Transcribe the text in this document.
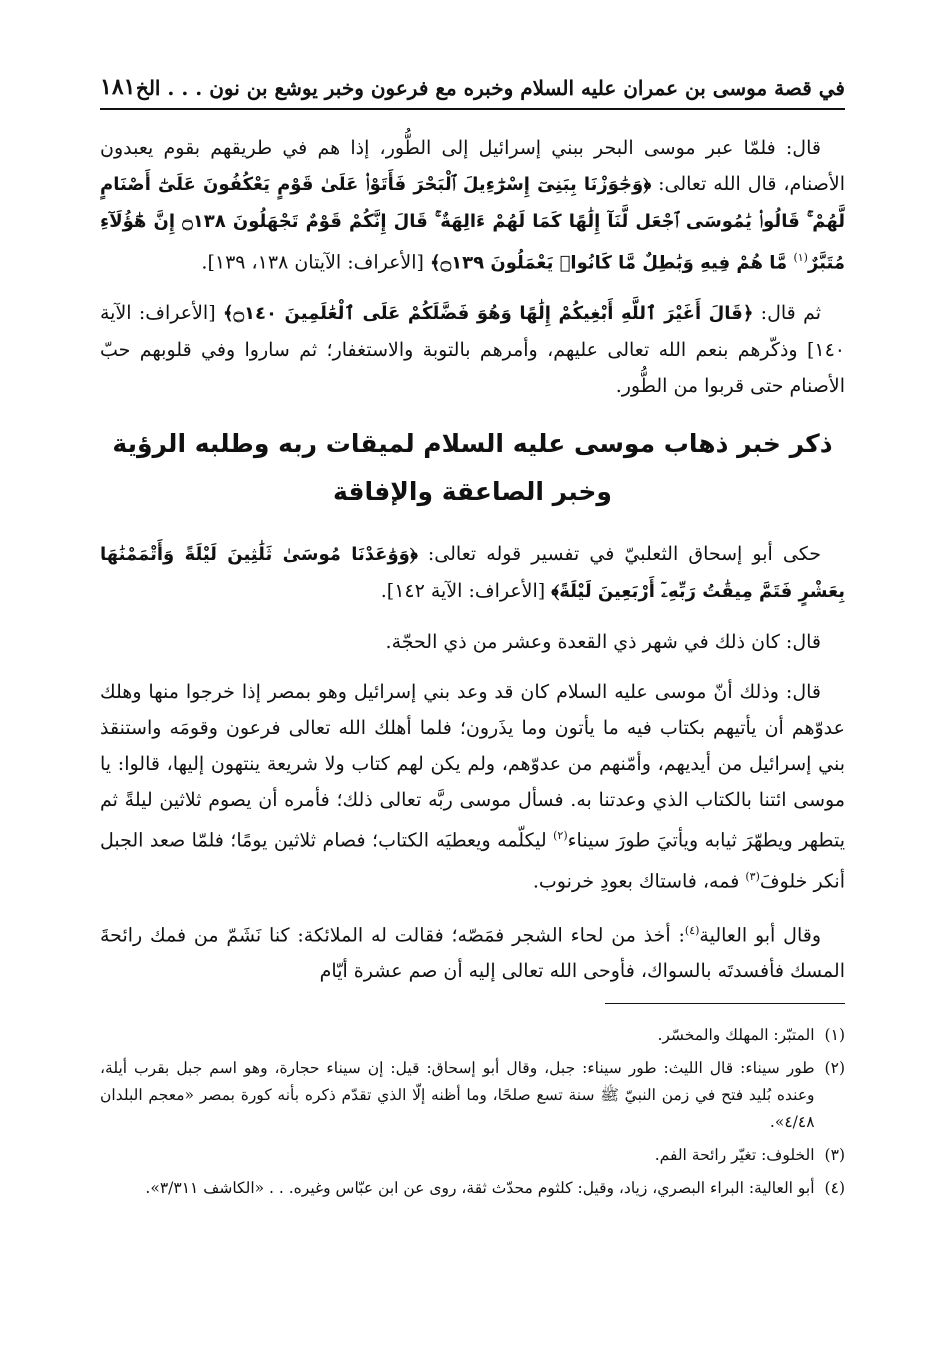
في قصة موسى بن عمران عليه السلام وخبره مع فرعون وخبر يوشع بن نون . . . الخ
١٨١

قال: فلمّا عبر موسى البحر ببني إسرائيل إلى الطُّور، إذا هم في طريقهم بقوم يعبدون الأصنام، قال الله تعالى: ﴿وَجَٰوَزْنَا بِبَنِىٓ إِسْرَٰٓءِيلَ ٱلْبَحْرَ فَأَتَوْا۟ عَلَىٰ قَوْمٍ يَعْكُفُونَ عَلَىٰٓ أَصْنَامٍ لَّهُمْ ۚ قَالُوا۟ يَٰمُوسَى ٱجْعَل لَّنَآ إِلَٰهًا كَمَا لَهُمْ ءَالِهَةٌ ۚ قَالَ إِنَّكُمْ قَوْمٌ تَجْهَلُونَ ۝١٣٨ إِنَّ هَٰٓؤُلَآءِ مُتَبَّرٌ$^{(١)}$ مَّا هُمْ فِيهِ وَبَٰطِلٌ مَّا كَانُوا۟ يَعْمَلُونَ ۝١٣٩﴾ [الأعراف: الآيتان ١٣٨، ١٣٩].

ثم قال: ﴿قَالَ أَغَيْرَ ٱللَّهِ أَبْغِيكُمْ إِلَٰهًا وَهُوَ فَضَّلَكُمْ عَلَى ٱلْعَٰلَمِينَ ۝١٤٠﴾ [الأعراف: الآية ١٤٠] وذكّرهم بنعم الله تعالى عليهم، وأمرهم بالتوبة والاستغفار؛ ثم ساروا وفي قلوبهم حبّ الأصنام حتى قربوا من الطُّور.

ذكر خبر ذهاب موسى عليه السلام لميقات ربه وطلبه الرؤية
وخبر الصاعقة والإفاقة

حكى أبو إسحاق الثعلبيّ في تفسير قوله تعالى: ﴿وَوَٰعَدْنَا مُوسَىٰ ثَلَٰثِينَ لَيْلَةً وَأَتْمَمْنَٰهَا بِعَشْرٍ فَتَمَّ مِيقَٰتُ رَبِّهِۦٓ أَرْبَعِينَ لَيْلَةً﴾ [الأعراف: الآية ١٤٢].

قال: كان ذلك في شهر ذي القعدة وعشر من ذي الحجّة.

قال: وذلك أنّ موسى عليه السلام كان قد وعد بني إسرائيل وهو بمصر إذا خرجوا منها وهلك عدوّهم أن يأتيهم بكتاب فيه ما يأتون وما يذَرون؛ فلما أهلك الله تعالى فرعون وقومَه واستنقذ بني إسرائيل من أيديهم، وأمّنهم من عدوّهم، ولم يكن لهم كتاب ولا شريعة ينتهون إليها، قالوا: يا موسى ائتنا بالكتاب الذي وعدتنا به. فسأل موسى ربَّه تعالى ذلك؛ فأمره أن يصوم ثلاثين ليلةً ثم يتطهر ويطهّرَ ثيابه ويأتيَ طورَ سيناء$^{(٢)}$ ليكلّمه ويعطيَه الكتاب؛ فصام ثلاثين يومًا؛ فلمّا صعد الجبل أنكر خلوفَ$^{(٣)}$ فمه، فاستاك بعودِ خرنوب.

وقال أبو العالية$^{(٤)}$: أخذ من لحاء الشجر فمَصّه؛ فقالت له الملائكة: كنا نَشَمّ من فمك رائحةَ المسك فأفسدتَه بالسواك، فأوحى الله تعالى إليه أن صم عشرة أيّام

(١)
المتبّر: المهلك والمخسّر.
(٢)
طور سيناء: قال الليث: طور سيناء: جبل، وقال أبو إسحاق: قيل: إن سيناء حجارة، وهو اسم جبل بقرب أيلة، وعنده بُليد فتح في زمن النبيّ ﷺ سنة تسع صلحًا، وما أظنه إلّا الذي تقدّم ذكره بأنه كورة بمصر «معجم البلدان ٤/٤٨».
(٣)
الخلوف: تغيّر رائحة الفم.
(٤)
أبو العالية: البراء البصري، زياد، وقيل: كلثوم محدّث ثقة، روى عن ابن عبّاس وغيره. . . «الكاشف ٣/٣١١».
